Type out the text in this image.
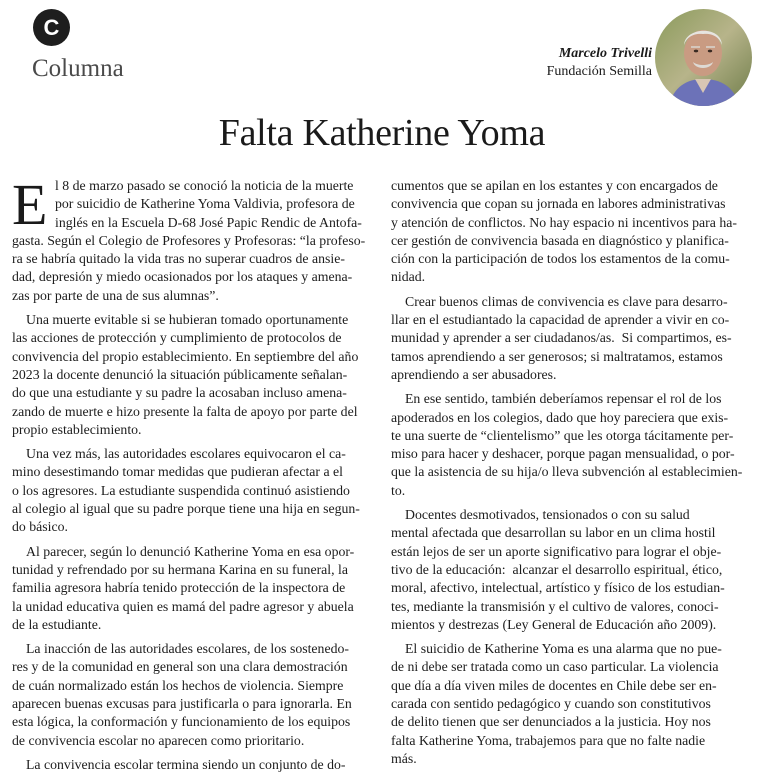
C
Columna
Marcelo Trivelli
Fundación Semilla
Falta Katherine Yoma
E l 8 de marzo pasado se conoció la noticia de la muerte
por suicidio de Katherine Yoma Valdivia, profesora de
inglés en la Escuela D-68 José Papic Rendic de Antofa-
gasta. Según el Colegio de Profesores y Profesoras: “la profeso-
ra se habría quitado la vida tras no superar cuadros de ansie-
dad, depresión y miedo ocasionados por los ataques y amena-
zas por parte de una de sus alumnas”.
Una muerte evitable si se hubieran tomado oportunamente
las acciones de protección y cumplimiento de protocolos de
convivencia del propio establecimiento. En septiembre del año
2023 la docente denunció la situación públicamente señalan-
do que una estudiante y su padre la acosaban incluso amena-
zando de muerte e hizo presente la falta de apoyo por parte del
propio establecimiento.
Una vez más, las autoridades escolares equivocaron el ca-
mino desestimando tomar medidas que pudieran afectar a el
o los agresores. La estudiante suspendida continuó asistiendo
al colegio al igual que su padre porque tiene una hija en segun-
do básico.
Al parecer, según lo denunció Katherine Yoma en esa opor-
tunidad y refrendado por su hermana Karina en su funeral, la
familia agresora habría tenido protección de la inspectora de
la unidad educativa quien es mamá del padre agresor y abuela
de la estudiante.
La inacción de las autoridades escolares, de los sostenedo-
res y de la comunidad en general son una clara demostración
de cuán normalizado están los hechos de violencia. Siempre
aparecen buenas excusas para justificarla o para ignorarla. En
esta lógica, la conformación y funcionamiento de los equipos
de convivencia escolar no aparecen como prioritario.
La convivencia escolar termina siendo un conjunto de do-
cumentos que se apilan en los estantes y con encargados de
convivencia que copan su jornada en labores administrativas
y atención de conflictos. No hay espacio ni incentivos para ha-
cer gestión de convivencia basada en diagnóstico y planifica-
ción con la participación de todos los estamentos de la comu-
nidad.
Crear buenos climas de convivencia es clave para desarro-
llar en el estudiantado la capacidad de aprender a vivir en co-
munidad y aprender a ser ciudadanos/as.  Si compartimos, es-
tamos aprendiendo a ser generosos; si maltratamos, estamos
aprendiendo a ser abusadores.
En ese sentido, también deberíamos repensar el rol de los
apoderados en los colegios, dado que hoy pareciera que exis-
te una suerte de “clientelismo” que les otorga tácitamente per-
miso para hacer y deshacer, porque pagan mensualidad, o por-
que la asistencia de su hija/o lleva subvención al establecimien-
to.
Docentes desmotivados, tensionados o con su salud
mental afectada que desarrollan su labor en un clima hostil
están lejos de ser un aporte significativo para lograr el obje-
tivo de la educación:  alcanzar el desarrollo espiritual, ético,
moral, afectivo, intelectual, artístico y físico de los estudian-
tes, mediante la transmisión y el cultivo de valores, conoci-
mientos y destrezas (Ley General de Educación año 2009).
El suicidio de Katherine Yoma es una alarma que no pue-
de ni debe ser tratada como un caso particular. La violencia
que día a día viven miles de docentes en Chile debe ser en-
carada con sentido pedagógico y cuando son constitutivos
de delito tienen que ser denunciados a la justicia. Hoy nos
falta Katherine Yoma, trabajemos para que no falte nadie
más.
